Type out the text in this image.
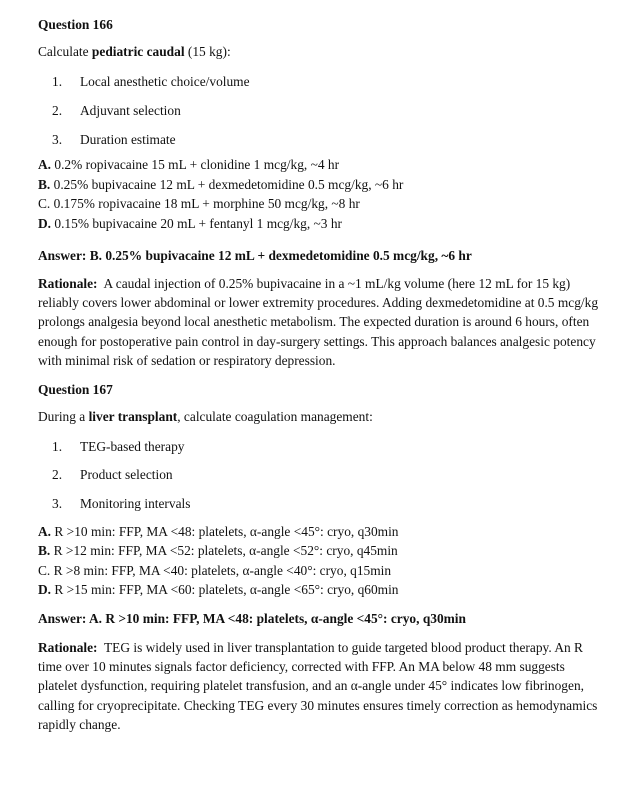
Question 166
Calculate pediatric caudal (15 kg):
1. Local anesthetic choice/volume
2. Adjuvant selection
3. Duration estimate
A. 0.2% ropivacaine 15 mL + clonidine 1 mcg/kg, ~4 hr
B. 0.25% bupivacaine 12 mL + dexmedetomidine 0.5 mcg/kg, ~6 hr
C. 0.175% ropivacaine 18 mL + morphine 50 mcg/kg, ~8 hr
D. 0.15% bupivacaine 20 mL + fentanyl 1 mcg/kg, ~3 hr
Answer: B. 0.25% bupivacaine 12 mL + dexmedetomidine 0.5 mcg/kg, ~6 hr
Rationale:  A caudal injection of 0.25% bupivacaine in a ~1 mL/kg volume (here 12 mL for 15 kg) reliably covers lower abdominal or lower extremity procedures. Adding dexmedetomidine at 0.5 mcg/kg prolongs analgesia beyond local anesthetic metabolism. The expected duration is around 6 hours, often enough for postoperative pain control in day-surgery settings. This approach balances analgesic potency with minimal risk of sedation or respiratory depression.
Question 167
During a liver transplant, calculate coagulation management:
1. TEG-based therapy
2. Product selection
3. Monitoring intervals
A. R >10 min: FFP, MA <48: platelets, α-angle <45°: cryo, q30min
B. R >12 min: FFP, MA <52: platelets, α-angle <52°: cryo, q45min
C. R >8 min: FFP, MA <40: platelets, α-angle <40°: cryo, q15min
D. R >15 min: FFP, MA <60: platelets, α-angle <65°: cryo, q60min
Answer: A. R >10 min: FFP, MA <48: platelets, α-angle <45°: cryo, q30min
Rationale:  TEG is widely used in liver transplantation to guide targeted blood product therapy. An R time over 10 minutes signals factor deficiency, corrected with FFP. An MA below 48 mm suggests platelet dysfunction, requiring platelet transfusion, and an α-angle under 45° indicates low fibrinogen, calling for cryoprecipitate. Checking TEG every 30 minutes ensures timely correction as hemodynamics rapidly change.
